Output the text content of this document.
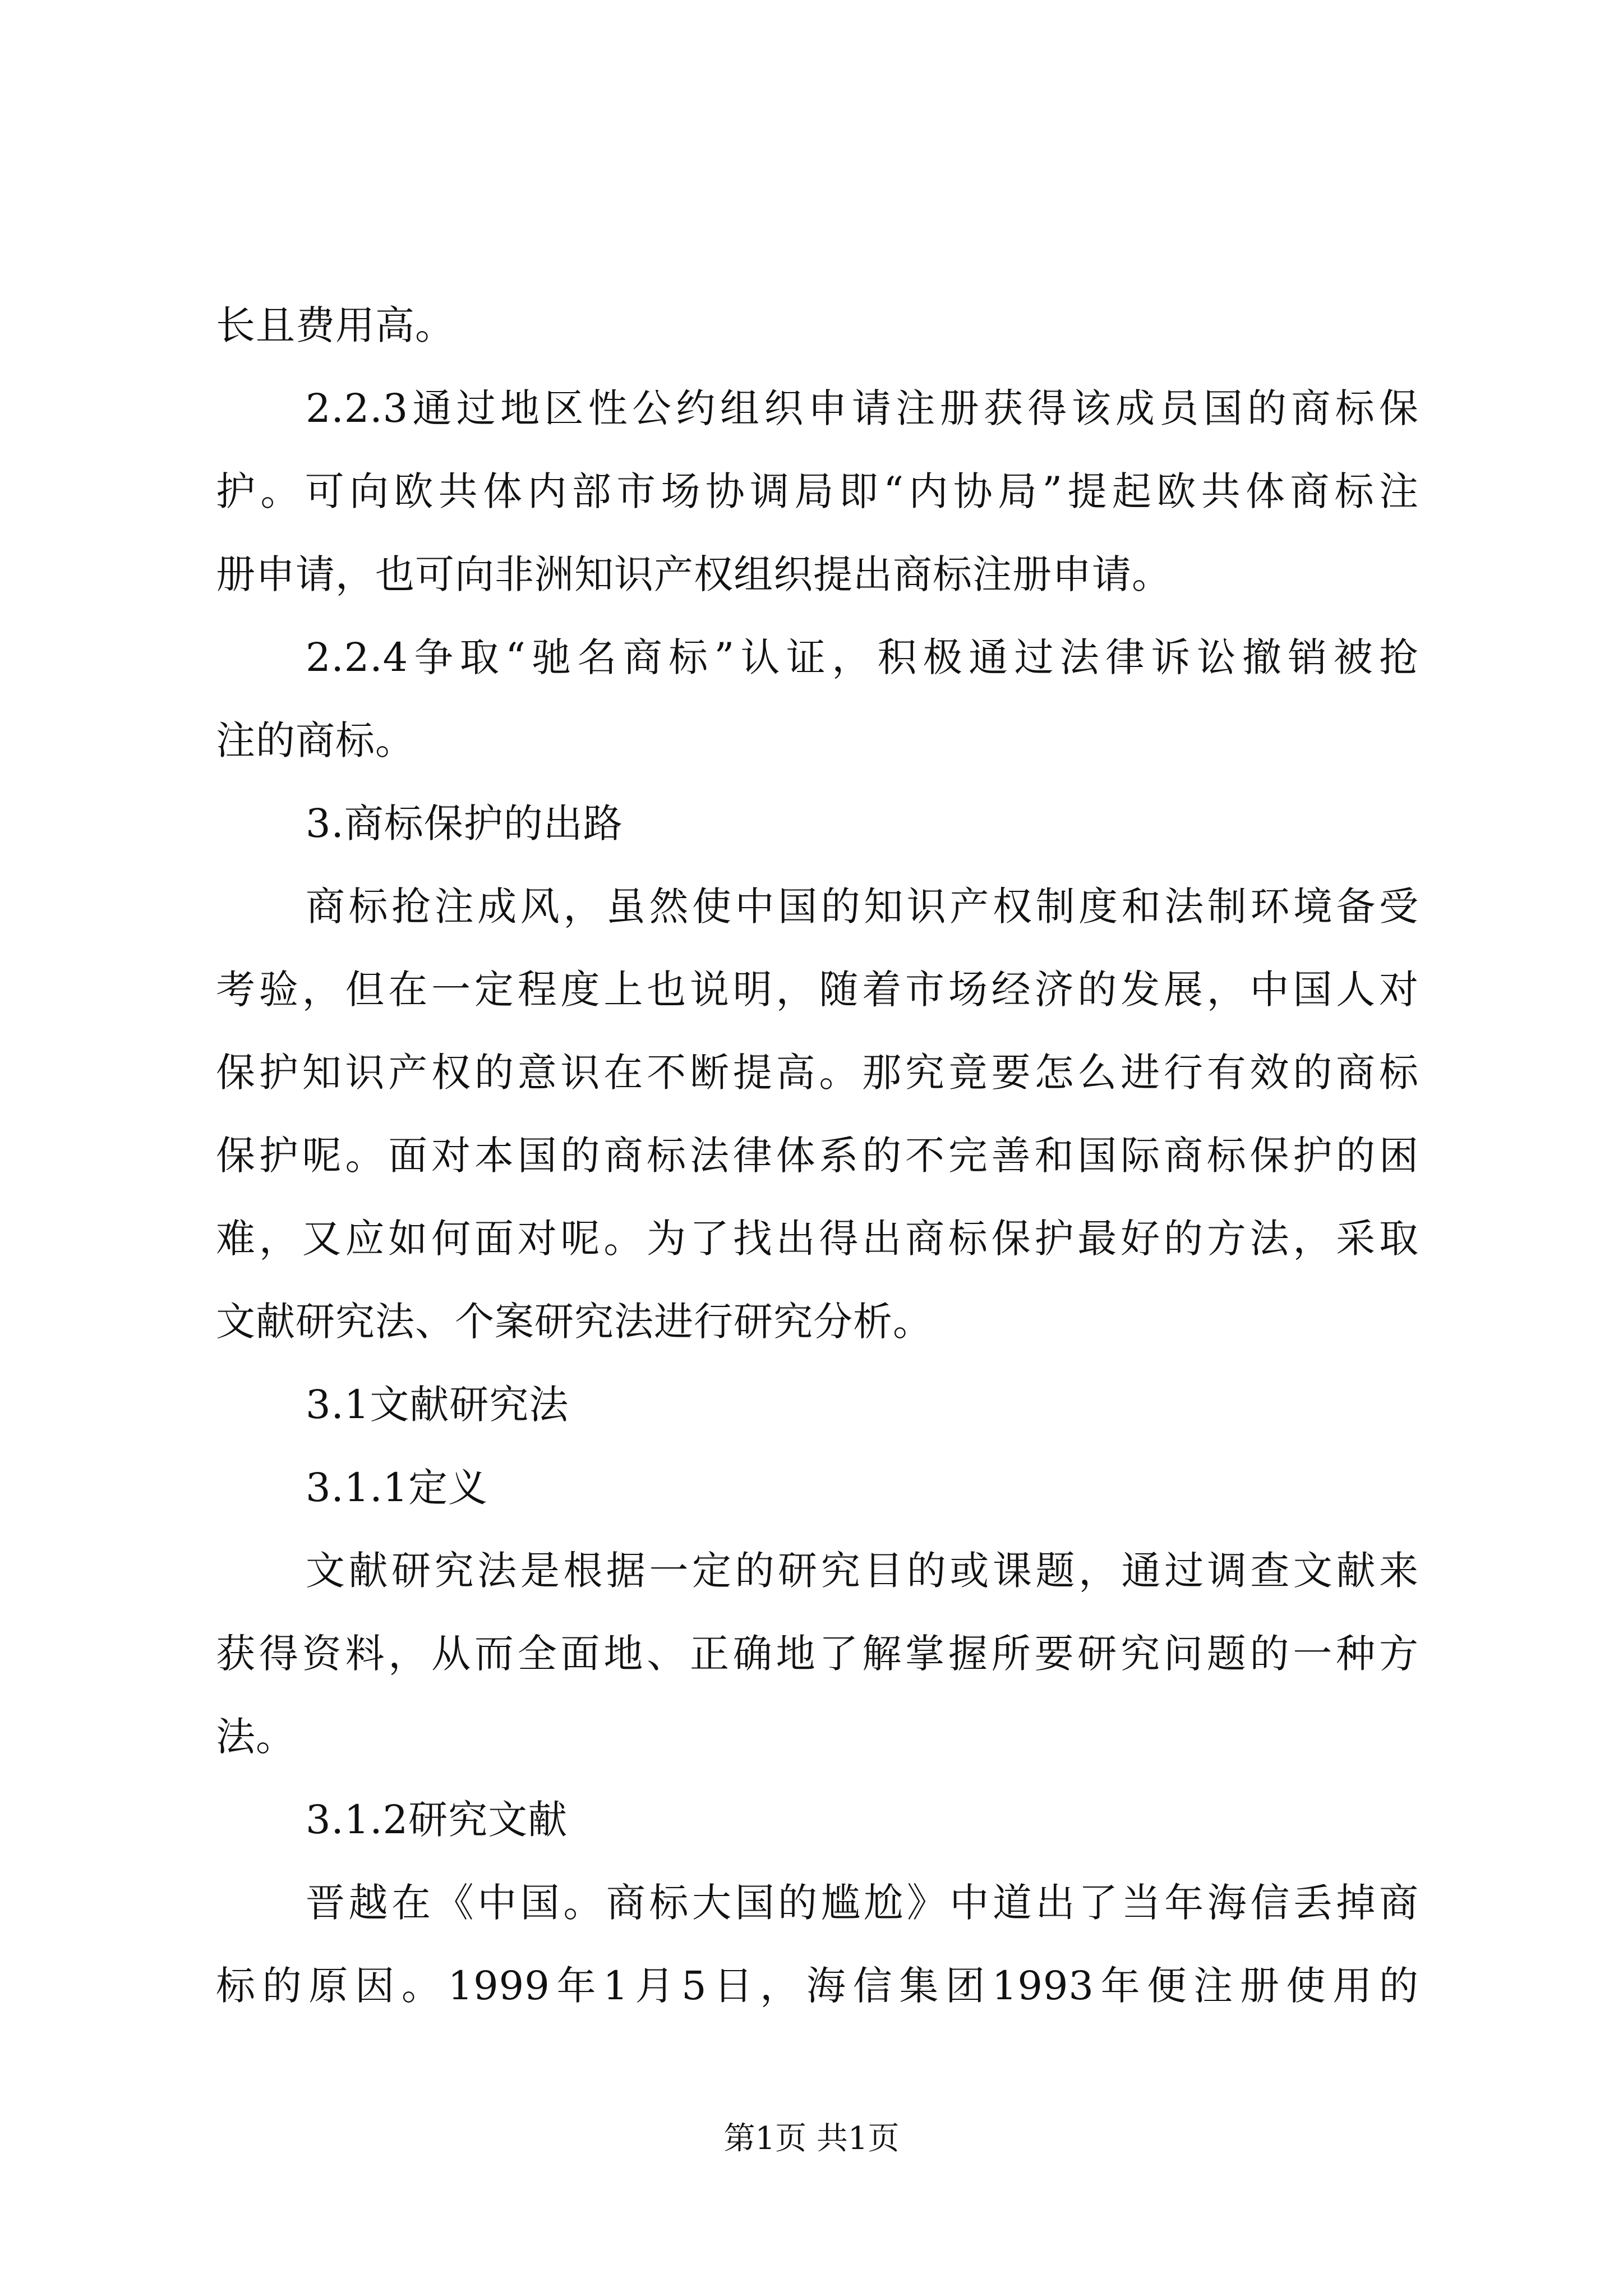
长且费用高。
2.2.3通过地区性公约组织申请注册获得该成员国的商标保
护。可向欧共体内部市场协调局即“内协局”提起欧共体商标注
册申请，也可向非洲知识产权组织提出商标注册申请。
2.2.4争取“驰名商标”认证，积极通过法律诉讼撤销被抢
注的商标。
3.商标保护的出路
商标抢注成风，虽然使中国的知识产权制度和法制环境备受
考验，但在一定程度上也说明，随着市场经济的发展，中国人对
保护知识产权的意识在不断提高。那究竟要怎么进行有效的商标
保护呢。面对本国的商标法律体系的不完善和国际商标保护的困
难，又应如何面对呢。为了找出得出商标保护最好的方法，采取
文献研究法、个案研究法进行研究分析。
3.1文献研究法
3.1.1定义
文献研究法是根据一定的研究目的或课题，通过调查文献来
获得资料，从而全面地、正确地了解掌握所要研究问题的一种方
法。
3.1.2研究文献
晋越在《中国。商标大国的尴尬》中道出了当年海信丢掉商
标的原因。1999年1月5日，海信集团1993年便注册使用的
第1页 共1页
